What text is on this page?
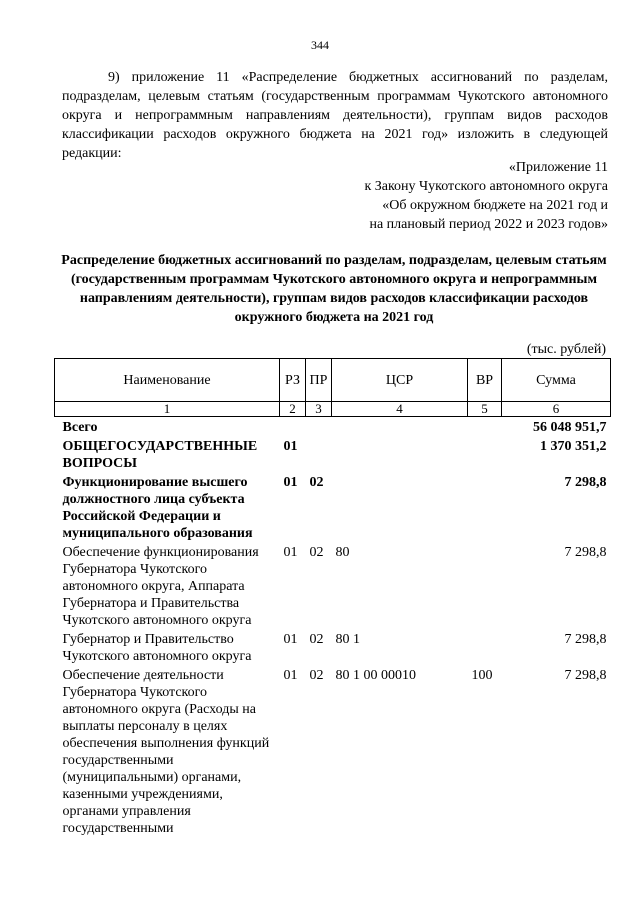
344

9) приложение 11 «Распределение бюджетных ассигнований по разделам, подразделам, целевым статьям (государственным программам Чукотского автономного округа и непрограммным направлениям деятельности), группам видов расходов классификации расходов окружного бюджета на 2021 год» изложить в следующей редакции:

«Приложение 11
к Закону Чукотского автономного округа
«Об окружном бюджете на 2021 год и
на плановый период 2022 и 2023 годов»

Распределение бюджетных ассигнований по разделам, подразделам, целевым статьям (государственным программам Чукотского автономного округа и непрограммным направлениям деятельности), группам видов расходов классификации расходов окружного бюджета на 2021 год

(тыс. рублей)
Наименование	РЗ	ПР	ЦСР	ВР	Сумма
1	2	3	4	5	6
Всего					56 048 951,7
ОБЩЕГОСУДАРСТВЕННЫЕ ВОПРОСЫ	01				1 370 351,2
Функционирование высшего должностного лица субъекта Российской Федерации и муниципального образования	01	02			7 298,8
Обеспечение функционирования Губернатора Чукотского автономного округа, Аппарата Губернатора и Правительства Чукотского автономного округа	01	02	80		7 298,8
Губернатор и Правительство Чукотского автономного округа	01	02	80 1		7 298,8
Обеспечение деятельности Губернатора Чукотского автономного округа (Расходы на выплаты персоналу в целях обеспечения выполнения функций государственными (муниципальными) органами, казенными учреждениями, органами управления государственными	01	02	80 1 00 00010	100	7 298,8
